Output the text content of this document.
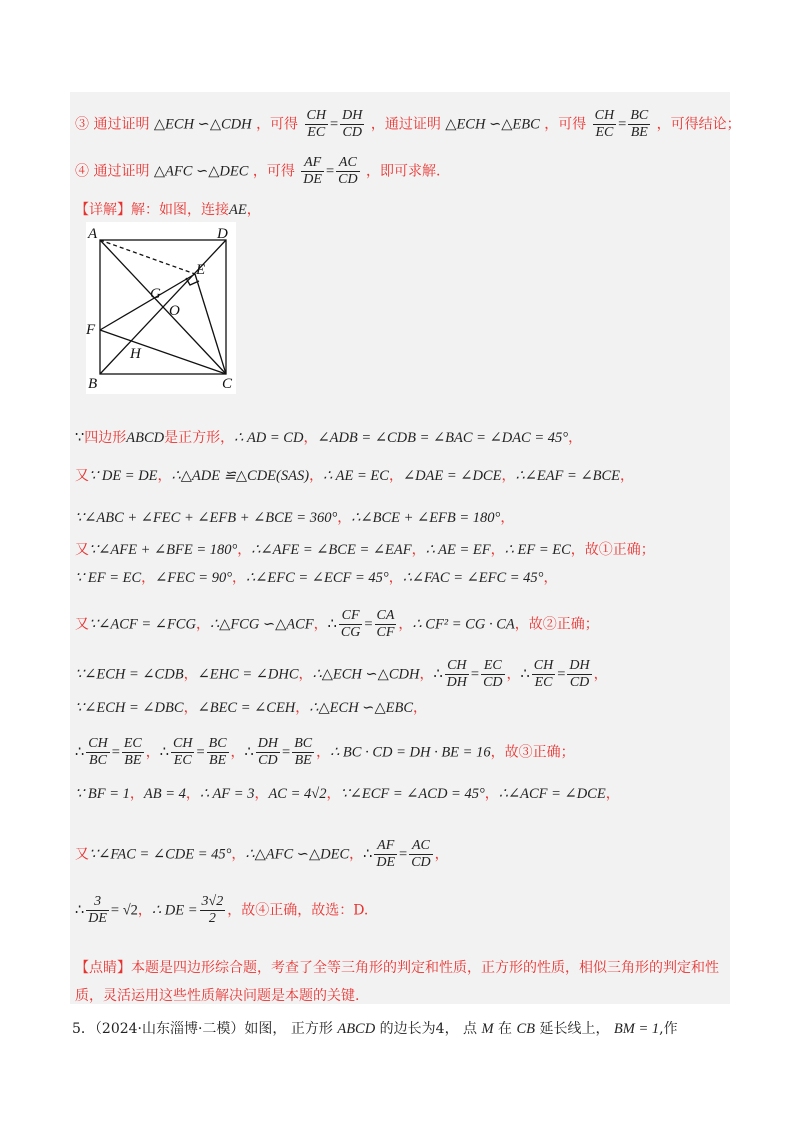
③ 通过证明 △ECH ∽△CDH ，可得 $\frac{CH}{EC} = \frac{DH}{CD}$ ，通过证明 △ECH ∽△EBC ，可得 $\frac{CH}{EC} = \frac{BC}{BE}$ ，可得结论；
④ 通过证明 △AFC ∽△DEC ，可得 $\frac{AF}{DE} = \frac{AC}{CD}$ ，即可求解.
【详解】解：如图，连接AE，
A	D
B	C
E
F
G
O
H
∵四边形ABCD是正方形，∴ AD = CD，∠ADB = ∠CDB = ∠BAC = ∠DAC = 45°，
又∵ DE = DE，∴△ADE ≌△CDE(SAS)，∴ AE = EC，∠DAE = ∠DCE，∴∠EAF = ∠BCE，
∵∠ABC + ∠FEC + ∠EFB + ∠BCE = 360°，∴∠BCE + ∠EFB = 180°，
又∵∠AFE + ∠BFE = 180°，∴∠AFE = ∠BCE = ∠EAF，∴ AE = EF，∴ EF = EC，故①正确；
∵ EF = EC，∠FEC = 90°，∴∠EFC = ∠ECF = 45°，∴∠FAC = ∠EFC = 45°，
又∵∠ACF = ∠FCG，∴△FCG ∽△ACF，∴ $\frac{CF}{CG} = \frac{CA}{CF}$ ，∴ CF² = CG · CA，故②正确；
∵∠ECH = ∠CDB，∠EHC = ∠DHC，∴△ECH ∽△CDH，∴ $\frac{CH}{DH} = \frac{EC}{CD}$ ，∴ $\frac{CH}{EC} = \frac{DH}{CD}$ ，
∵∠ECH = ∠DBC，∠BEC = ∠CEH，∴△ECH ∽△EBC，
∴ $\frac{CH}{BC} = \frac{EC}{BE}$ ，∴ $\frac{CH}{EC} = \frac{BC}{BE}$ ，∴ $\frac{DH}{CD} = \frac{BC}{BE}$ ，∴ BC · CD = DH · BE = 16，故③正确；
∵ BF = 1，AB = 4，∴ AF = 3，AC = 4√2，∵∠ECF = ∠ACD = 45°，∴∠ACF = ∠DCE，
又∵∠FAC = ∠CDE = 45°，∴△AFC ∽△DEC，∴ $\frac{AF}{DE} = \frac{AC}{CD}$ ，
∴ $\frac{3}{DE} = √2$，∴ DE = $\frac{3√2}{2}$ ，故④正确，故选：D.
【点睛】本题是四边形综合题，考查了全等三角形的判定和性质，正方形的性质，相似三角形的判定和性
质，灵活运用这些性质解决问题是本题的关键.
5．（2024·山东淄博·二模）如图， 正方形 ABCD 的边长为4， 点 M 在 CB 延长线上， BM = 1,作
